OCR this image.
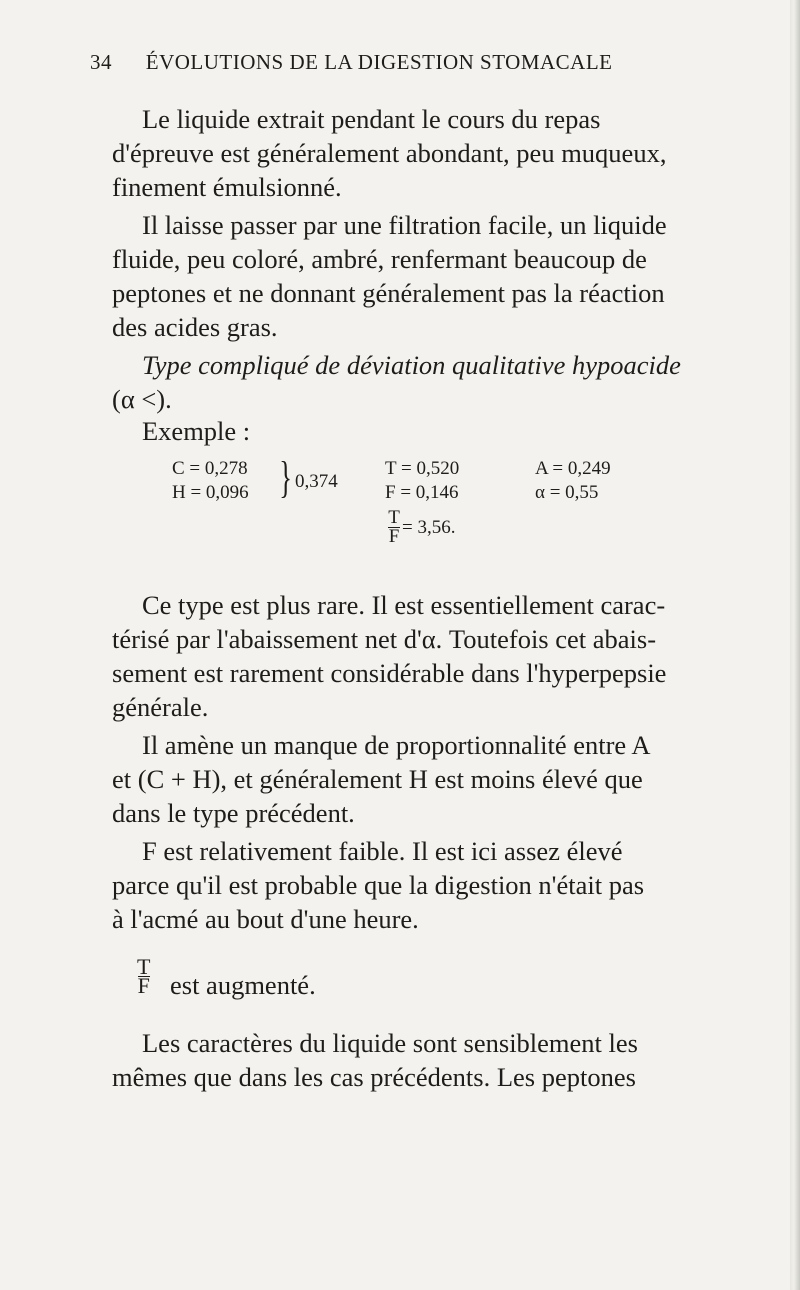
34 ÉVOLUTIONS DE LA DIGESTION STOMACALE
Le liquide extrait pendant le cours du repas
d'épreuve est généralement abondant, peu muqueux,
finement émulsionné.
Il laisse passer par une filtration facile, un liquide
fluide, peu coloré, ambré, renfermant beaucoup de
peptones et ne donnant généralement pas la réaction
des acides gras.
Type compliqué de déviation qualitative hypoacide
(α <).
Exemple :
C = 0,278
H = 0,096 } 0,374
T = 0,520
F = 0,146
A = 0,249
α = 0,55
T
F = 3,56.
Ce type est plus rare. Il est essentiellement carac-
térisé par l'abaissement net d'α. Toutefois cet abais-
sement est rarement considérable dans l'hyperpepsie
générale.
Il amène un manque de proportionnalité entre A
et (C + H), et généralement H est moins élevé que
dans le type précédent.
F est relativement faible. Il est ici assez élevé
parce qu'il est probable que la digestion n'était pas
à l'acmé au bout d'une heure.
T
F est augmenté.
Les caractères du liquide sont sensiblement les
mêmes que dans les cas précédents. Les peptones
